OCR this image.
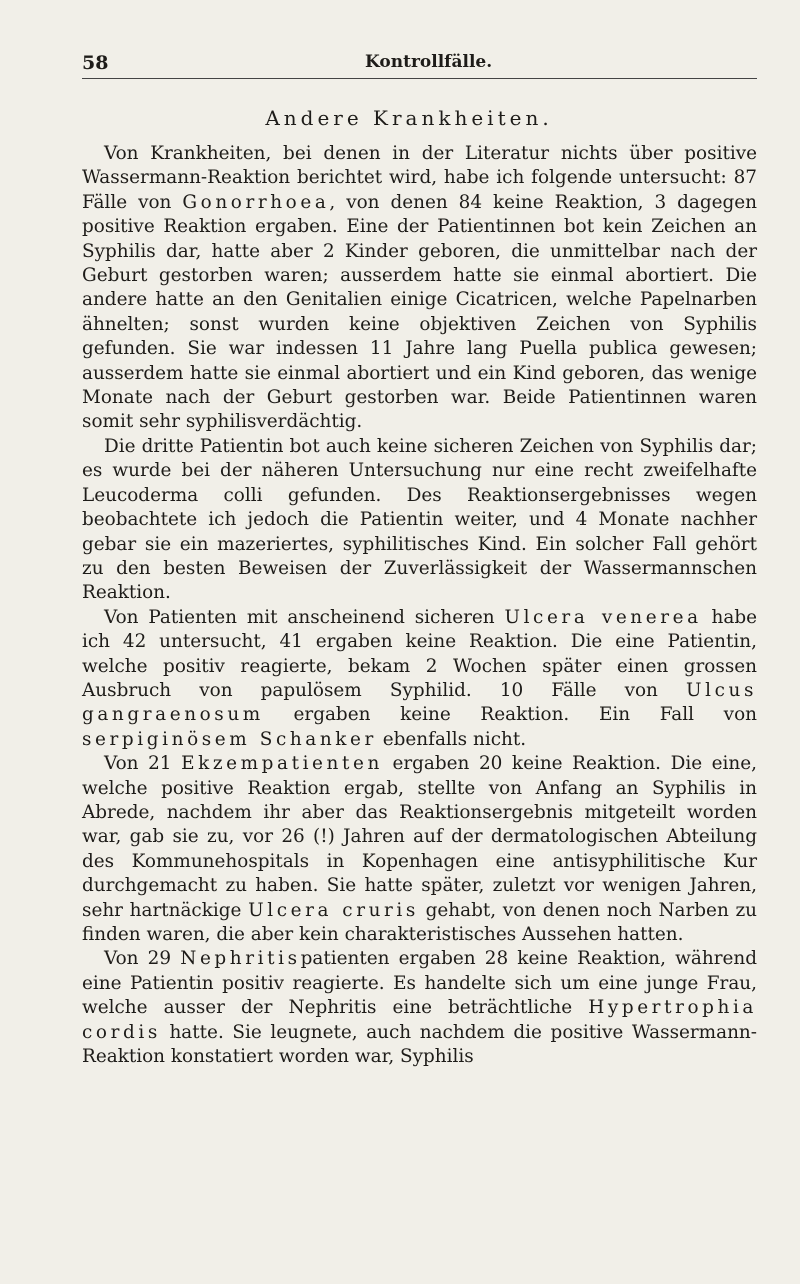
58	Kontrollfälle.
Andere Krankheiten.

Von Krankheiten, bei denen in der Literatur nichts über positive Wassermann-Reaktion berichtet wird, habe ich folgende untersucht: 87 Fälle von Gonorrhoea, von denen 84 keine Reaktion, 3 dagegen positive Reaktion ergaben. Eine der Patientinnen bot kein Zeichen an Syphilis dar, hatte aber 2 Kinder geboren, die unmittelbar nach der Geburt gestorben waren; ausserdem hatte sie einmal abortiert. Die andere hatte an den Genitalien einige Cicatricen, welche Papelnarben ähnelten; sonst wurden keine objektiven Zeichen von Syphilis gefunden. Sie war indessen 11 Jahre lang Puella publica gewesen; ausserdem hatte sie einmal abortiert und ein Kind geboren, das wenige Monate nach der Geburt gestorben war. Beide Patientinnen waren somit sehr syphilisverdächtig.

Die dritte Patientin bot auch keine sicheren Zeichen von Syphilis dar; es wurde bei der näheren Untersuchung nur eine recht zweifelhafte Leucoderma colli gefunden. Des Reaktionsergebnisses wegen beobachtete ich jedoch die Patientin weiter, und 4 Monate nachher gebar sie ein mazeriertes, syphilitisches Kind. Ein solcher Fall gehört zu den besten Beweisen der Zuverlässigkeit der Wassermannschen Reaktion.

Von Patienten mit anscheinend sicheren Ulcera venerea habe ich 42 untersucht, 41 ergaben keine Reaktion. Die eine Patientin, welche positiv reagierte, bekam 2 Wochen später einen grossen Ausbruch von papulösem Syphilid. 10 Fälle von Ulcus gangraenosum ergaben keine Reaktion. Ein Fall von serpiginösem Schanker ebenfalls nicht.

Von 21 Ekzempatienten ergaben 20 keine Reaktion. Die eine, welche positive Reaktion ergab, stellte von Anfang an Syphilis in Abrede, nachdem ihr aber das Reaktionsergebnis mitgeteilt worden war, gab sie zu, vor 26 (!) Jahren auf der dermatologischen Abteilung des Kommunehospitals in Kopenhagen eine antisyphilitische Kur durchgemacht zu haben. Sie hatte später, zuletzt vor wenigen Jahren, sehr hartnäckige Ulcera cruris gehabt, von denen noch Narben zu finden waren, die aber kein charakteristisches Aussehen hatten.

Von 29 Nephritispatienten ergaben 28 keine Reaktion, während eine Patientin positiv reagierte. Es handelte sich um eine junge Frau, welche ausser der Nephritis eine beträchtliche Hypertrophia cordis hatte. Sie leugnete, auch nachdem die positive Wassermann-Reaktion konstatiert worden war, Syphilis
